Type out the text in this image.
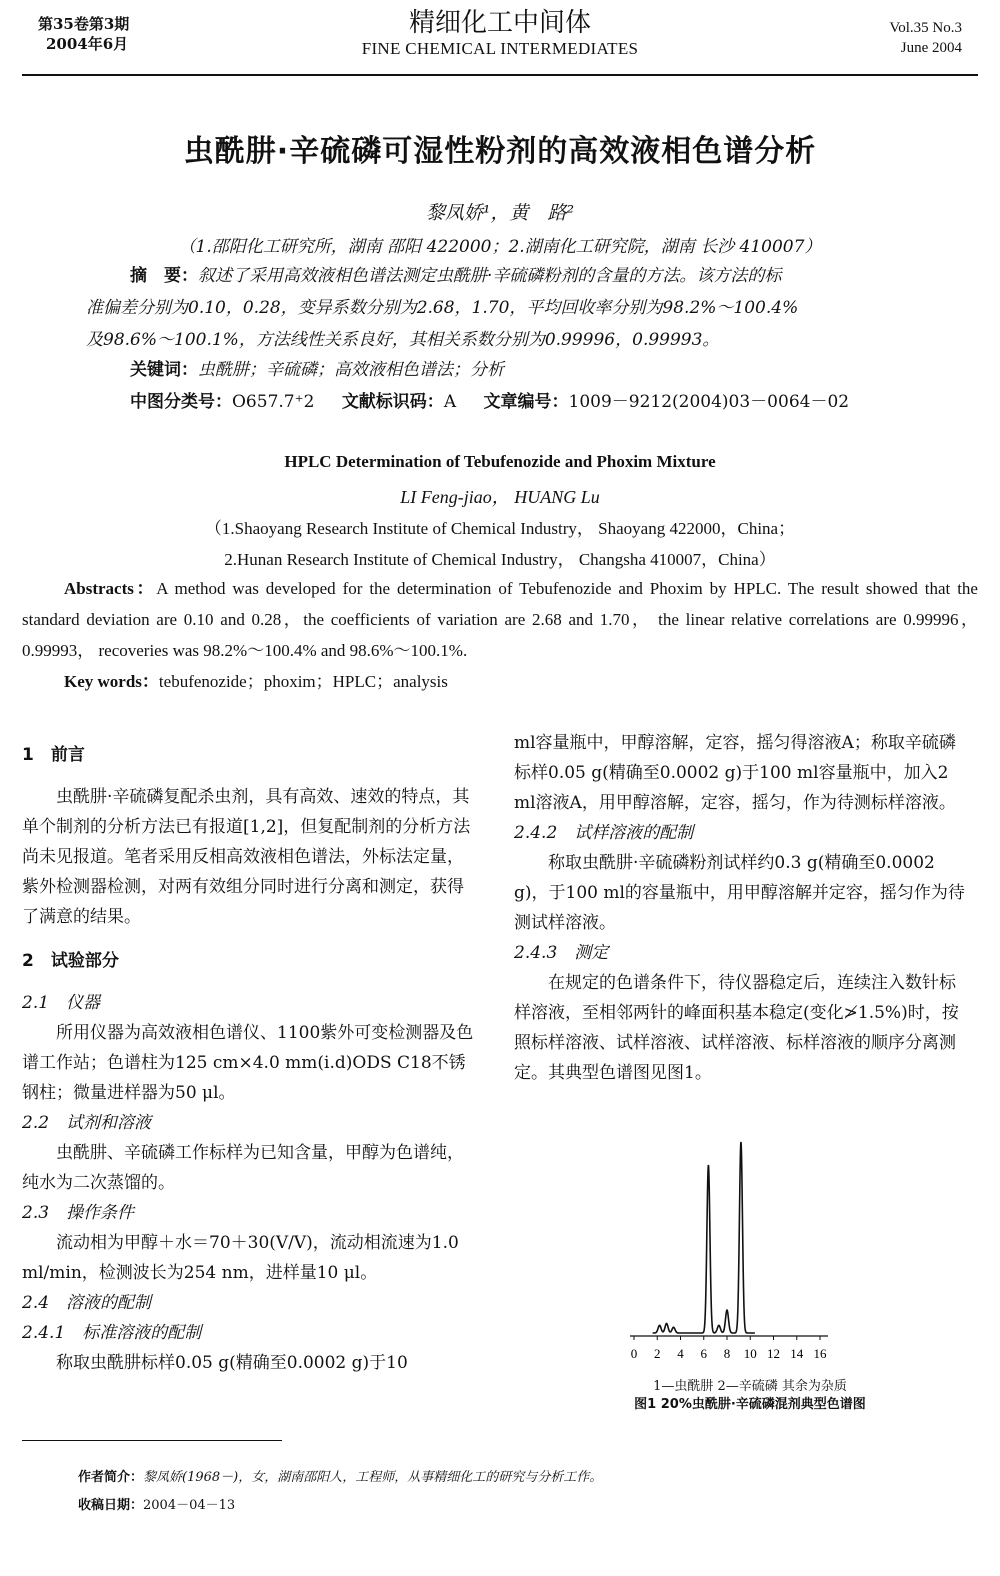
第35卷第3期
2004年6月
精细化工中间体
FINE CHEMICAL INTERMEDIATES
Vol.35 No.3
June 2004
虫酰肼·辛硫磷可湿性粉剂的高效液相色谱分析
黎凤娇¹，黄　路²
（1.邵阳化工研究所，湖南 邵阳 422000；2.湖南化工研究院，湖南 长沙 410007）
摘　要：叙述了采用高效液相色谱法测定虫酰肼·辛硫磷粉剂的含量的方法。该方法的标
准偏差分别为0.10，0.28，变异系数分别为2.68，1.70，平均回收率分别为98.2%～100.4%
及98.6%～100.1%，方法线性关系良好，其相关系数分别为0.99996，0.99993。
关键词：虫酰肼；辛硫磷；高效液相色谱法；分析
中图分类号：O657.7⁺2 文献标识码：A 文章编号：1009－9212(2004)03－0064－02
HPLC Determination of Tebufenozide and Phoxim Mixture
LI Feng-jiao， HUANG Lu
（1.Shaoyang Research Institute of Chemical Industry， Shaoyang 422000，China；
2.Hunan Research Institute of Chemical Industry， Changsha 410007，China）

Abstracts：A method was developed for the determination of Tebufenozide and Phoxim by HPLC. The result showed that the standard deviation are 0.10 and 0.28，the coefficients of variation are 2.68 and 1.70， the linear relative correlations are 0.99996，0.99993， recoveries was 98.2%～100.4% and 98.6%～100.1%.

Key words：tebufenozide；phoxim；HPLC；analysis

1　前言

虫酰肼·辛硫磷复配杀虫剂，具有高效、速效的特点，其单个制剂的分析方法已有报道[1,2]，但复配制剂的分析方法尚未见报道。笔者采用反相高效液相色谱法，外标法定量，紫外检测器检测，对两有效组分同时进行分离和测定，获得了满意的结果。

2　试验部分

2.1　仪器

所用仪器为高效液相色谱仪、1100紫外可变检测器及色谱工作站；色谱柱为125 cm×4.0 mm(i.d)ODS C18不锈钢柱；微量进样器为50 μl。

2.2　试剂和溶液

虫酰肼、辛硫磷工作标样为已知含量，甲醇为色谱纯，纯水为二次蒸馏的。

2.3　操作条件

流动相为甲醇＋水＝70＋30(V/V)，流动相流速为1.0 ml/min，检测波长为254 nm，进样量10 μl。

2.4　溶液的配制

2.4.1　标准溶液的配制

称取虫酰肼标样0.05 g(精确至0.0002 g)于10

ml容量瓶中，甲醇溶解，定容，摇匀得溶液A；称取辛硫磷标样0.05 g(精确至0.0002 g)于100 ml容量瓶中，加入2 ml溶液A，用甲醇溶解，定容，摇匀，作为待测标样溶液。

2.4.2　试样溶液的配制

称取虫酰肼·辛硫磷粉剂试样约0.3 g(精确至0.0002 g)，于100 ml的容量瓶中，用甲醇溶解并定容，摇匀作为待测试样溶液。

2.4.3　测定

在规定的色谱条件下，待仪器稳定后，连续注入数针标样溶液，至相邻两针的峰面积基本稳定(变化≯1.5%)时，按照标样溶液、试样溶液、试样溶液、标样溶液的顺序分离测定。其典型色谱图见图1。

0 2 4 6 8 10 12 14 16
1—虫酰肼 2—辛硫磷 其余为杂质
图1 20%虫酰肼·辛硫磷混剂典型色谱图
作者简介：黎凤娇(1968－)，女，湖南邵阳人，工程师，从事精细化工的研究与分析工作。
收稿日期：2004－04－13
